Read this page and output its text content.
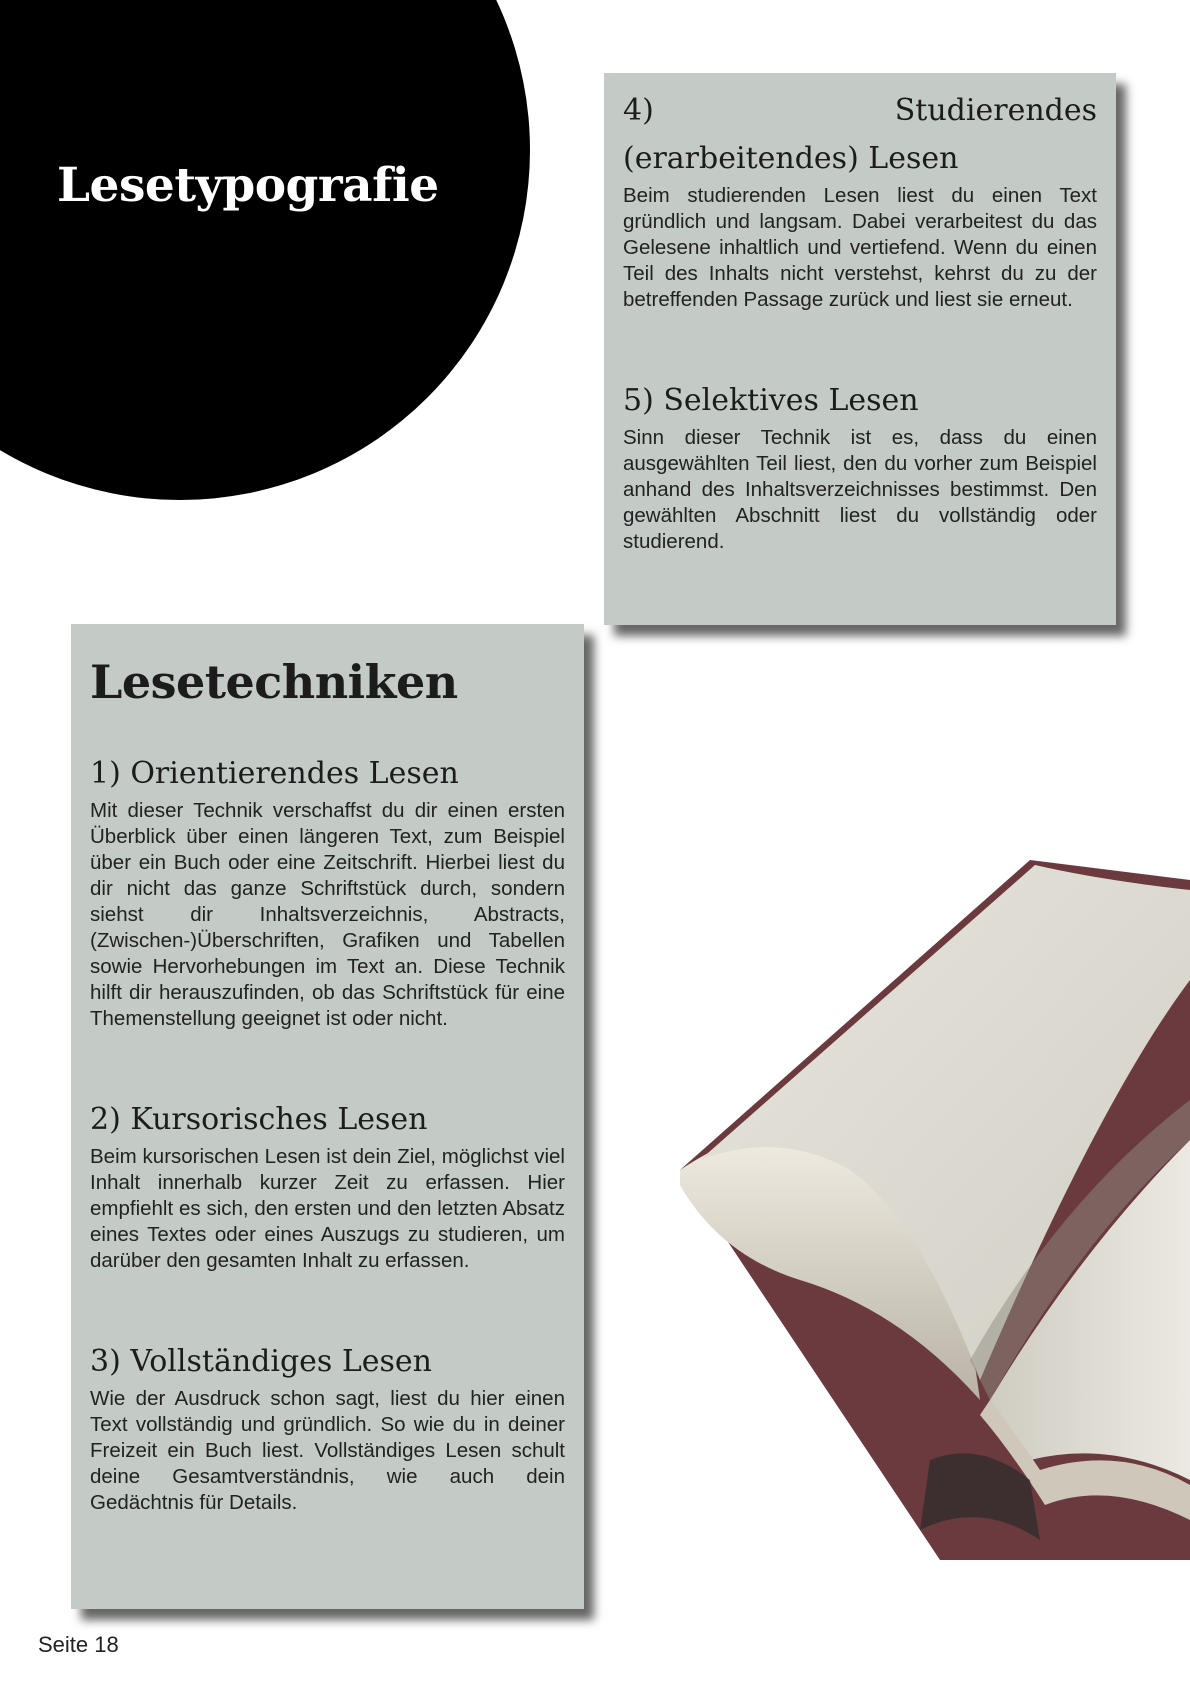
Lesetypografie
4) Studierendes (erarbeitendes) Lesen

Beim studierenden Lesen liest du einen Text gründlich und langsam. Dabei verarbeitest du das Gelesene inhaltlich und vertiefend. Wenn du einen Teil des Inhalts nicht verstehst, kehrst du zu der betreffenden Passage zurück und liest sie erneut.

5) Selektives Lesen

Sinn dieser Technik ist es, dass du einen ausgewählten Teil liest, den du vorher zum Beispiel anhand des Inhaltsverzeichnisses bestimmst. Den gewählten Abschnitt liest du vollständig oder studierend.

Lesetechniken
1) Orientierendes Lesen

Mit dieser Technik verschaffst du dir einen ersten Überblick über einen längeren Text, zum Beispiel über ein Buch oder eine Zeitschrift. Hierbei liest du dir nicht das ganze Schriftstück durch, sondern siehst dir Inhaltsverzeichnis, Abstracts, (Zwischen-)Überschriften, Grafiken und Tabellen sowie Hervorhebungen im Text an. Diese Technik hilft dir herauszufinden, ob das Schriftstück für eine Themenstellung geeignet ist oder nicht.

2) Kursorisches Lesen

Beim kursorischen Lesen ist dein Ziel, möglichst viel Inhalt innerhalb kurzer Zeit zu erfassen. Hier empfiehlt es sich, den ersten und den letzten Absatz eines Textes oder eines Auszugs zu studieren, um darüber den gesamten Inhalt zu erfassen.

3) Vollständiges Lesen

Wie der Ausdruck schon sagt, liest du hier einen Text vollständig und gründlich. So wie du in deiner Freizeit ein Buch liest. Vollständiges Lesen schult deine Gesamtverständnis, wie auch dein Gedächtnis für Details.

Seite 18
